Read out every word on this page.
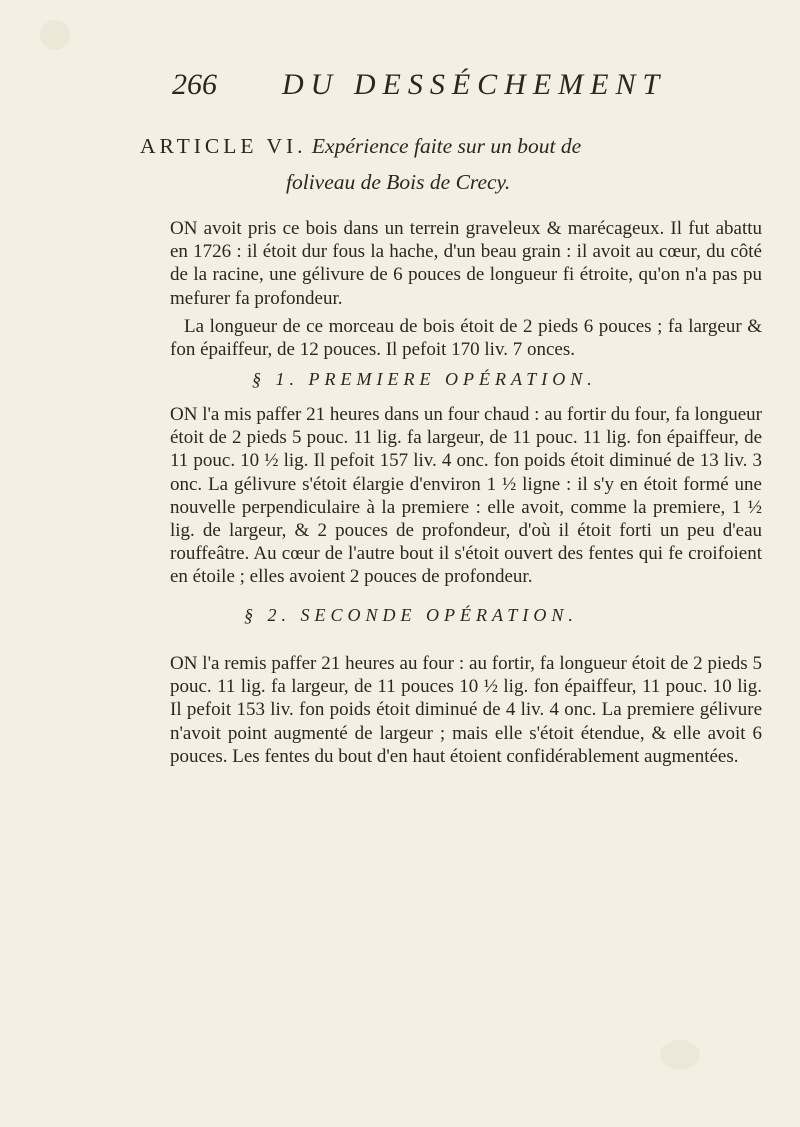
266 DU DESSÉCHEMENT
ARTICLE VI. Expérience faite sur un bout de
foliveau de Bois de Crecy.

ON avoit pris ce bois dans un terrein graveleux & marécageux. Il fut abattu en 1726 : il étoit dur fous la hache, d'un beau grain : il avoit au cœur, du côté de la racine, une gélivure de 6 pouces de longueur fi étroite, qu'on n'a pas pu mefurer fa profondeur.

La longueur de ce morceau de bois étoit de 2 pieds 6 pouces ; fa largeur & fon épaiffeur, de 12 pouces. Il pefoit 170 liv. 7 onces.

§ 1. PREMIERE OPÉRATION.

ON l'a mis paffer 21 heures dans un four chaud : au fortir du four, fa longueur étoit de 2 pieds 5 pouc. 11 lig. fa largeur, de 11 pouc. 11 lig. fon épaiffeur, de 11 pouc. 10 ½ lig. Il pefoit 157 liv. 4 onc. fon poids étoit diminué de 13 liv. 3 onc. La gélivure s'étoit élargie d'environ 1 ½ ligne : il s'y en étoit formé une nouvelle perpendiculaire à la premiere : elle avoit, comme la premiere, 1 ½ lig. de largeur, & 2 pouces de profondeur, d'où il étoit forti un peu d'eau rouffeâtre. Au cœur de l'autre bout il s'étoit ouvert des fentes qui fe croifoient en étoile ; elles avoient 2 pouces de profondeur.

§ 2. SECONDE OPÉRATION.

ON l'a remis paffer 21 heures au four : au fortir, fa longueur étoit de 2 pieds 5 pouc. 11 lig. fa largeur, de 11 pouces 10 ½ lig. fon épaiffeur, 11 pouc. 10 lig. Il pefoit 153 liv. fon poids étoit diminué de 4 liv. 4 onc. La premiere gélivure n'avoit point augmenté de largeur ; mais elle s'étoit étendue, & elle avoit 6 pouces. Les fentes du bout d'en haut étoient confidérablement augmentées.
